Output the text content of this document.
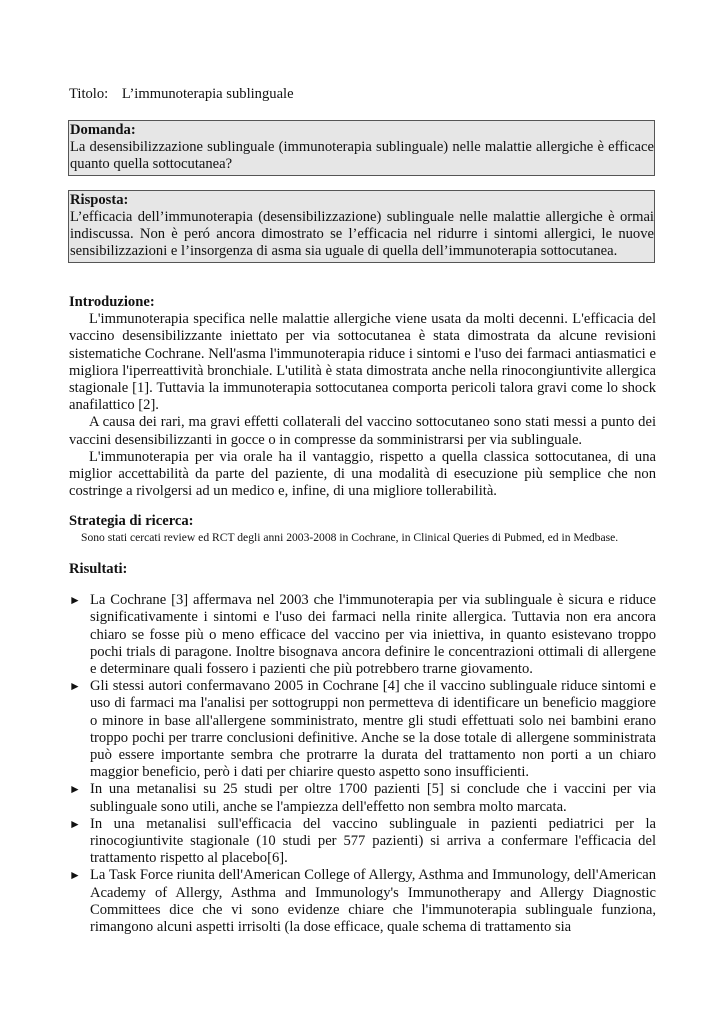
Titolo: L’immunoterapia sublinguale
Domanda:
La desensibilizzazione sublinguale (immunoterapia sublinguale) nelle malattie allergiche è efficace quanto quella sottocutanea?
Risposta:
L’efficacia dell’immunoterapia (desensibilizzazione) sublinguale nelle malattie allergiche è ormai indiscussa. Non è peró ancora dimostrato se l’efficacia nel ridurre i sintomi allergici, le nuove sensibilizzazioni e l’insorgenza di asma sia uguale di quella dell’immunoterapia sottocutanea.
Introduzione:
L'immunoterapia specifica nelle malattie allergiche viene usata da molti decenni. L'efficacia del vaccino desensibilizzante iniettato per via sottocutanea è stata dimostrata da alcune revisioni sistematiche Cochrane. Nell'asma l'immunoterapia riduce i sintomi e l'uso dei farmaci antiasmatici e migliora l'iperreattività bronchiale. L'utilità è stata dimostrata anche nella rinocongiuntivite allergica stagionale [1]. Tuttavia la immunoterapia sottocutanea comporta pericoli talora gravi come lo shock anafilattico [2].
A causa dei rari, ma gravi effetti collaterali del vaccino sottocutaneo sono stati messi a punto dei vaccini desensibilizzanti in gocce o in compresse da somministrarsi per via sublinguale.
L'immunoterapia per via orale ha il vantaggio, rispetto a quella classica sottocutanea, di una miglior accettabilità da parte del paziente, di una modalità di esecuzione più semplice che non costringe a rivolgersi ad un medico e, infine, di una migliore tollerabilità.
Strategia di ricerca:
Sono stati cercati review ed RCT degli anni 2003-2008 in Cochrane, in Clinical Queries di Pubmed, ed in Medbase.
Risultati:
► La Cochrane [3] affermava nel 2003 che l'immunoterapia per via sublinguale è sicura e riduce significativamente i sintomi e l'uso dei farmaci nella rinite allergica. Tuttavia non era ancora chiaro se fosse più o meno efficace del vaccino per via iniettiva, in quanto esistevano troppo pochi trials di paragone. Inoltre bisognava ancora definire le concentrazioni ottimali di allergene e determinare quali fossero i pazienti che più potrebbero trarne giovamento.
► Gli stessi autori confermavano 2005 in Cochrane [4] che il vaccino sublinguale riduce sintomi e uso di farmaci ma l'analisi per sottogruppi non permetteva di identificare un beneficio maggiore o minore in base all'allergene somministrato, mentre gli studi effettuati solo nei bambini erano troppo pochi per trarre conclusioni definitive. Anche se la dose totale di allergene somministrata può essere importante sembra che protrarre la durata del trattamento non porti a un chiaro maggior beneficio, però i dati per chiarire questo aspetto sono insufficienti.
► In una metanalisi su 25 studi per oltre 1700 pazienti [5] si conclude che i vaccini per via sublinguale sono utili, anche se l'ampiezza dell'effetto non sembra molto marcata.
► In una metanalisi sull'efficacia del vaccino sublinguale in pazienti pediatrici per la rinocogiuntivite stagionale (10 studi per 577 pazienti) si arriva a confermare l'efficacia del trattamento rispetto al placebo[6].
► La Task Force riunita dell'American College of Allergy, Asthma and Immunology, dell'American Academy of Allergy, Asthma and Immunology's Immunotherapy and Allergy Diagnostic Committees dice che vi sono evidenze chiare che l'immunoterapia sublinguale funziona, rimangono alcuni aspetti irrisolti (la dose efficace, quale schema di trattamento sia
